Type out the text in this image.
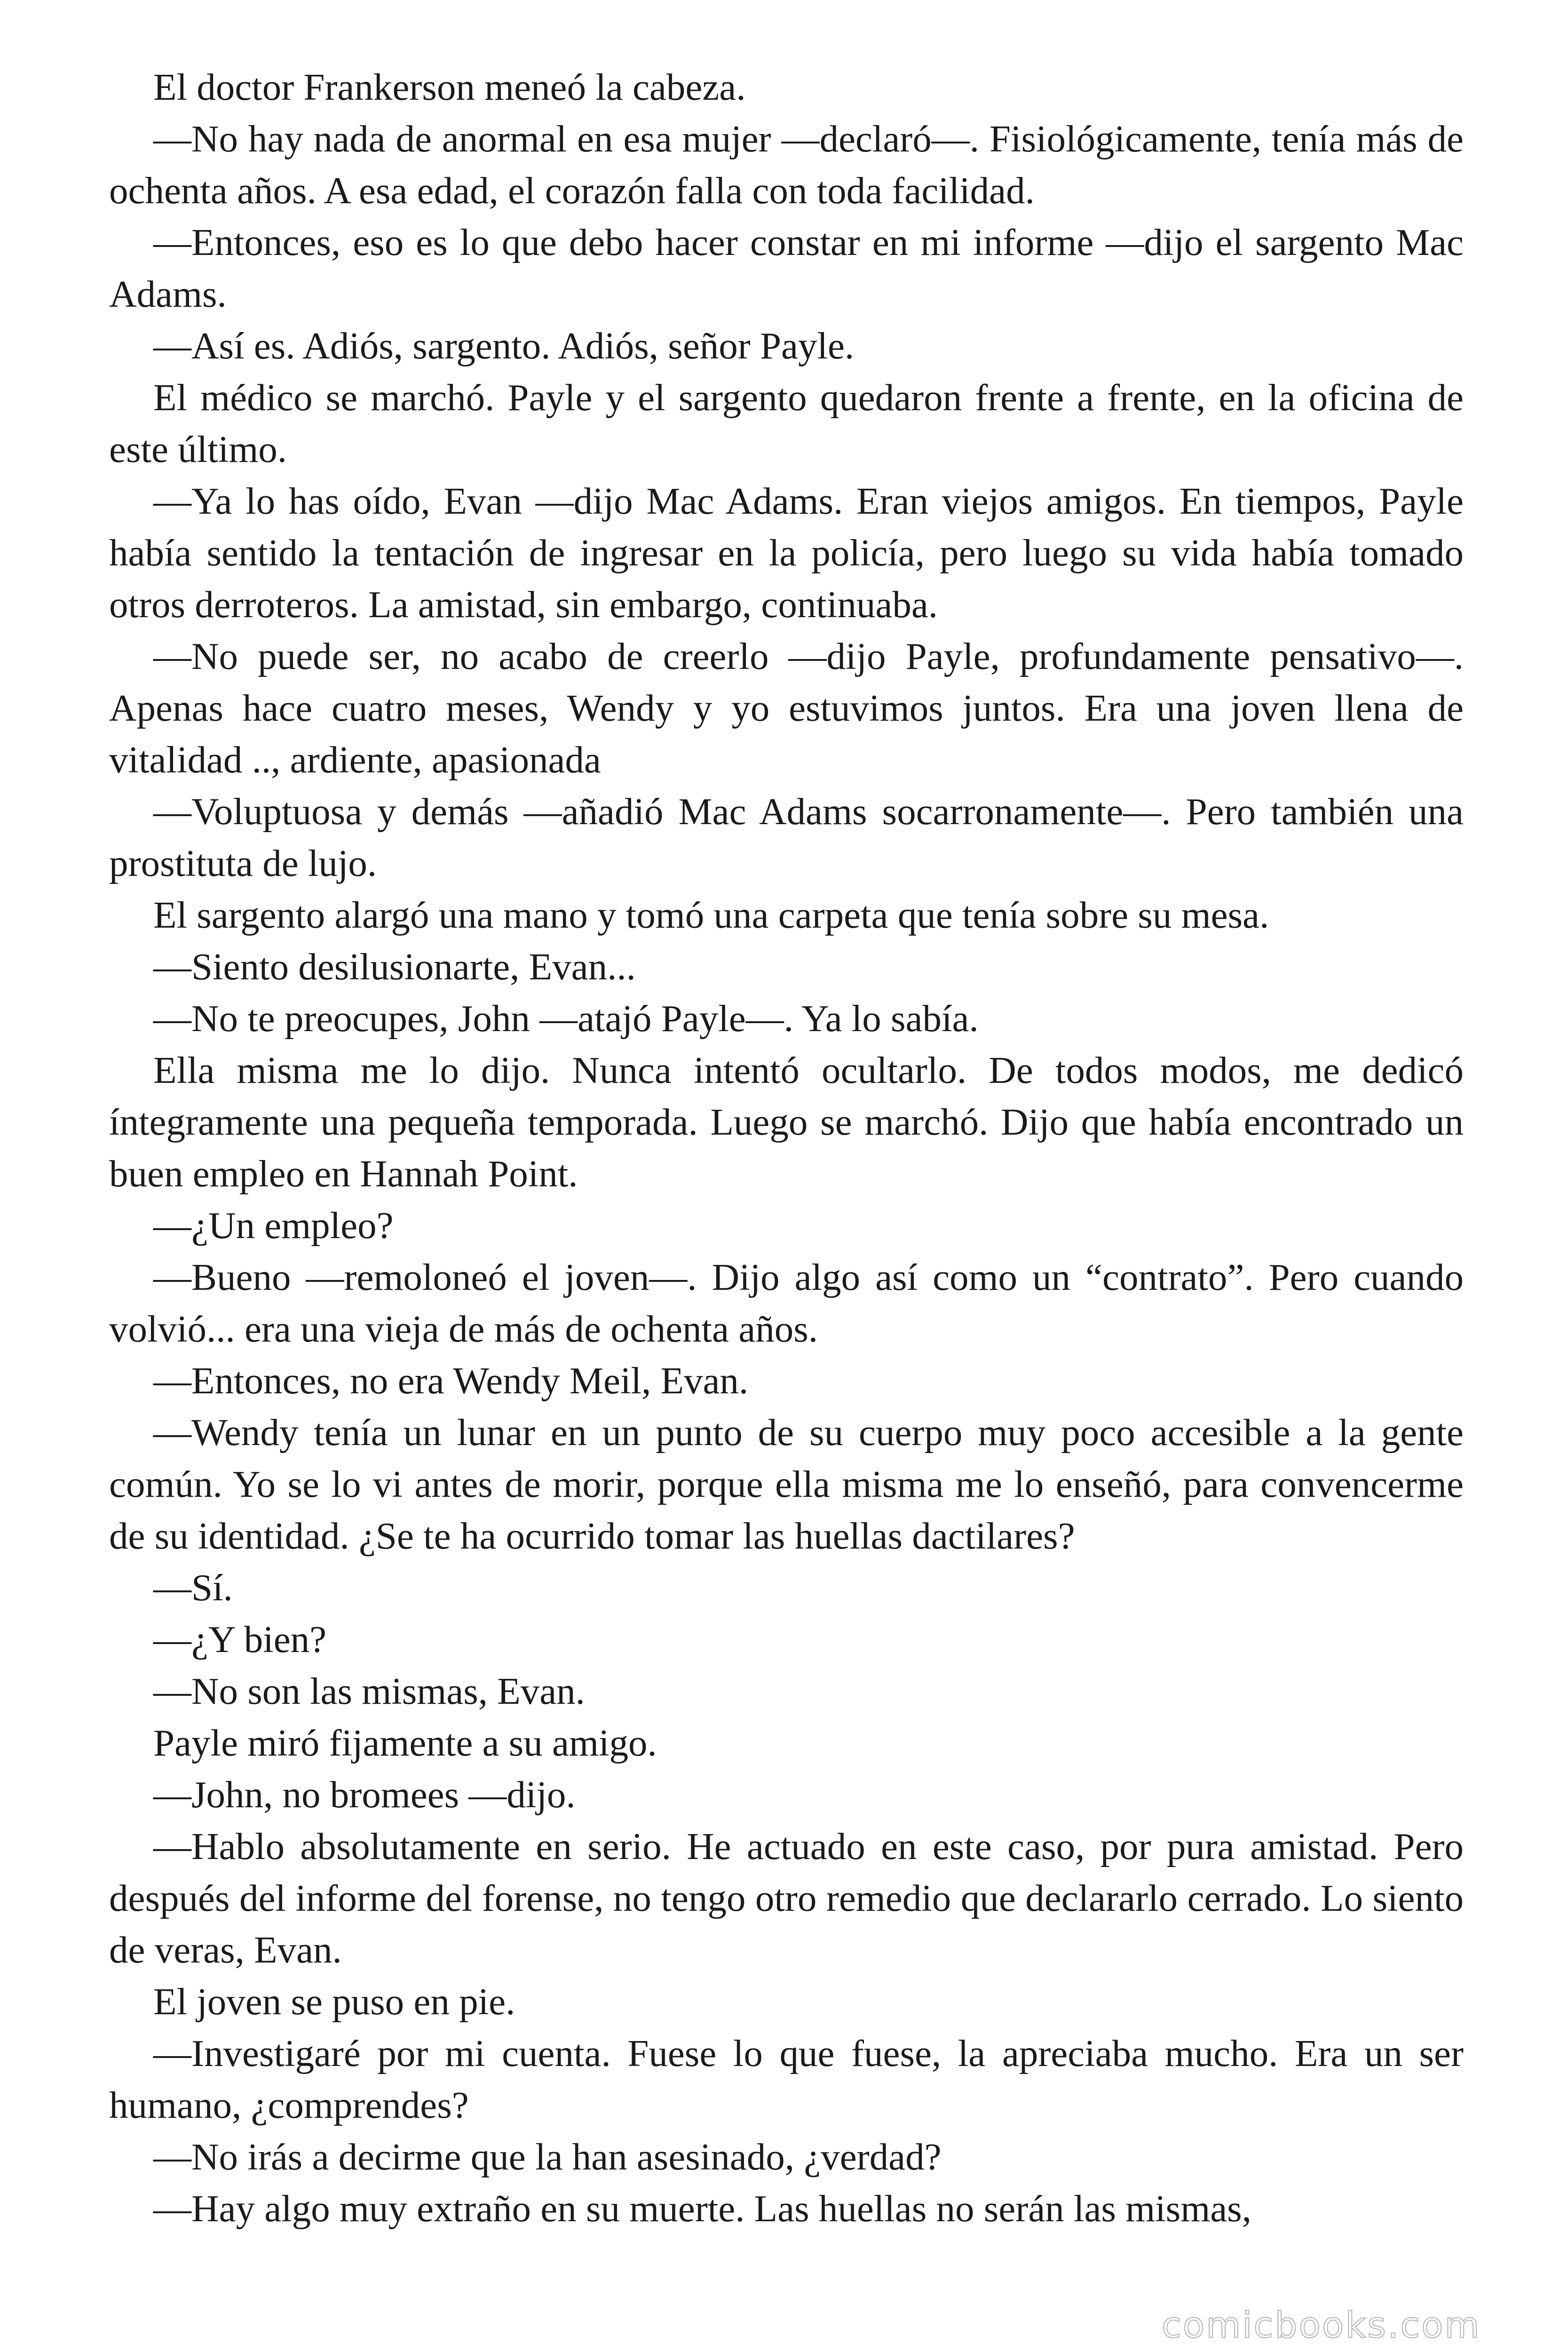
El doctor Frankerson meneó la cabeza.

—No hay nada de anormal en esa mujer —declaró—. Fisiológicamente, tenía más de ochenta años. A esa edad, el corazón falla con toda facilidad.

—Entonces, eso es lo que debo hacer constar en mi informe —dijo el sargento Mac Adams.

—Así es. Adiós, sargento. Adiós, señor Payle.

El médico se marchó. Payle y el sargento quedaron frente a frente, en la oficina de este último.

—Ya lo has oído, Evan —dijo Mac Adams. Eran viejos amigos. En tiempos, Payle había sentido la tentación de ingresar en la policía, pero luego su vida había tomado otros derroteros. La amistad, sin embargo, continuaba.

—No puede ser, no acabo de creerlo —dijo Payle, profundamente pensativo—. Apenas hace cuatro meses, Wendy y yo estuvimos juntos. Era una joven llena de vitalidad .., ardiente, apasionada

—Voluptuosa y demás —añadió Mac Adams socarronamente—. Pero también una prostituta de lujo.

El sargento alargó una mano y tomó una carpeta que tenía sobre su mesa.

—Siento desilusionarte, Evan...

—No te preocupes, John —atajó Payle—. Ya lo sabía.

Ella misma me lo dijo. Nunca intentó ocultarlo. De todos modos, me dedicó íntegramente una pequeña temporada. Luego se marchó. Dijo que había encontrado un buen empleo en Hannah Point.

—¿Un empleo?

—Bueno —remoloneó el joven—. Dijo algo así como un “contrato”. Pero cuando volvió... era una vieja de más de ochenta años.

—Entonces, no era Wendy Meil, Evan.

—Wendy tenía un lunar en un punto de su cuerpo muy poco accesible a la gente común. Yo se lo vi antes de morir, porque ella misma me lo enseñó, para convencerme de su identidad. ¿Se te ha ocurrido tomar las huellas dactilares?

—Sí.

—¿Y bien?

—No son las mismas, Evan.

Payle miró fijamente a su amigo.

—John, no bromees —dijo.

—Hablo absolutamente en serio. He actuado en este caso, por pura amistad. Pero después del informe del forense, no tengo otro remedio que declararlo cerrado. Lo siento de veras, Evan.

El joven se puso en pie.

—Investigaré por mi cuenta. Fuese lo que fuese, la apreciaba mucho. Era un ser humano, ¿comprendes?

—No irás a decirme que la han asesinado, ¿verdad?

—Hay algo muy extraño en su muerte. Las huellas no serán las mismas,

comicbooks.com
